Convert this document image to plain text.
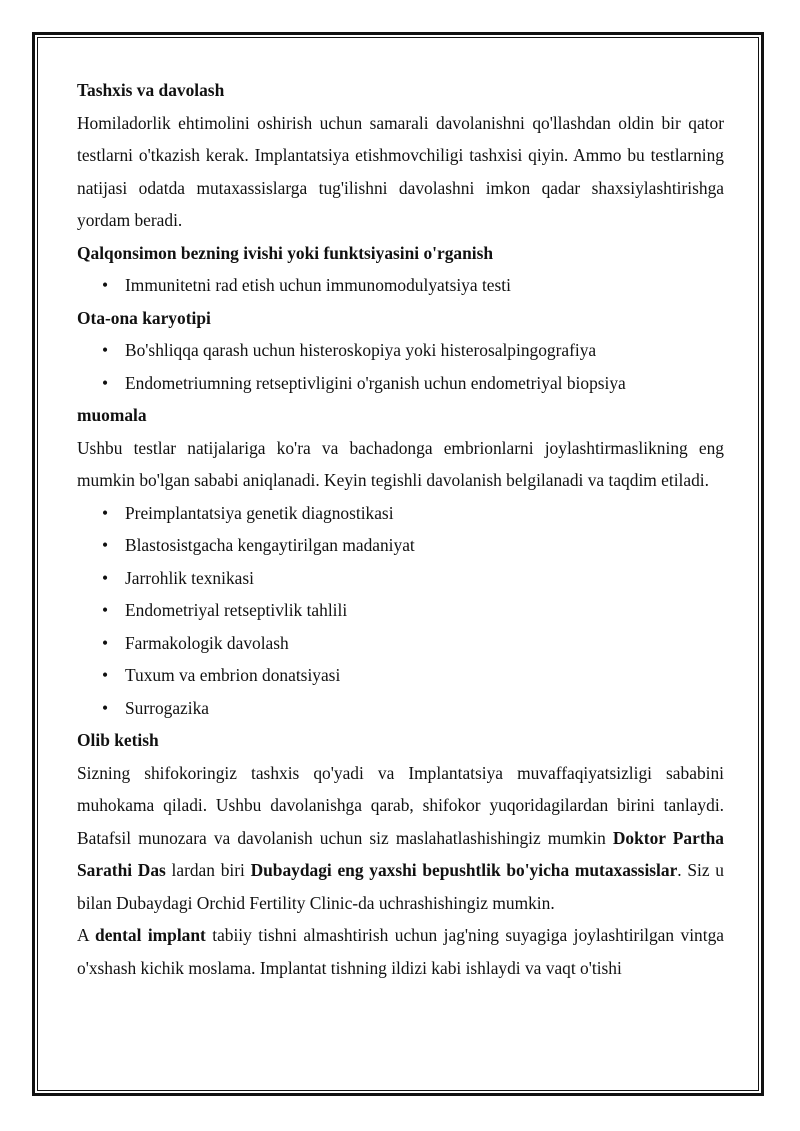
Tashxis va davolash

Homiladorlik ehtimolini oshirish uchun samarali davolanishni qo'llashdan oldin bir qator testlarni o'tkazish kerak. Implantatsiya etishmovchiligi tashxisi qiyin. Ammo bu testlarning natijasi odatda mutaxassislarga tug'ilishni davolashni imkon qadar shaxsiylashtirishga yordam beradi.

Qalqonsimon bezning ivishi yoki funktsiyasini o'rganish

• Immunitetni rad etish uchun immunomodulyatsiya testi

Ota-ona karyotipi

• Bo'shliqqa qarash uchun histeroskopiya yoki histerosalpingografiya
• Endometriumning retseptivligini o'rganish uchun endometriyal biopsiya

muomala

Ushbu testlar natijalariga ko'ra va bachadonga embrionlarni joylashtirmaslikning eng mumkin bo'lgan sababi aniqlanadi. Keyin tegishli davolanish belgilanadi va taqdim etiladi.

• Preimplantatsiya genetik diagnostikasi
• Blastosistgacha kengaytirilgan madaniyat
• Jarrohlik texnikasi
• Endometriyal retseptivlik tahlili
• Farmakologik davolash
• Tuxum va embrion donatsiyasi
• Surrogazika

Olib ketish

Sizning shifokoringiz tashxis qo'yadi va Implantatsiya muvaffaqiyatsizligi sababini muhokama qiladi. Ushbu davolanishga qarab, shifokor yuqoridagilardan birini tanlaydi. Batafsil munozara va davolanish uchun siz maslahatlashishingiz mumkin Doktor Partha Sarathi Das lardan biri Dubaydagi eng yaxshi bepushtlik bo'yicha mutaxassislar. Siz u bilan Dubaydagi Orchid Fertility Clinic-da uchrashishingiz mumkin.

A dental implant tabiiy tishni almashtirish uchun jag'ning suyagiga joylashtirilgan vintga o'xshash kichik moslama. Implantat tishning ildizi kabi ishlaydi va vaqt o'tishi
